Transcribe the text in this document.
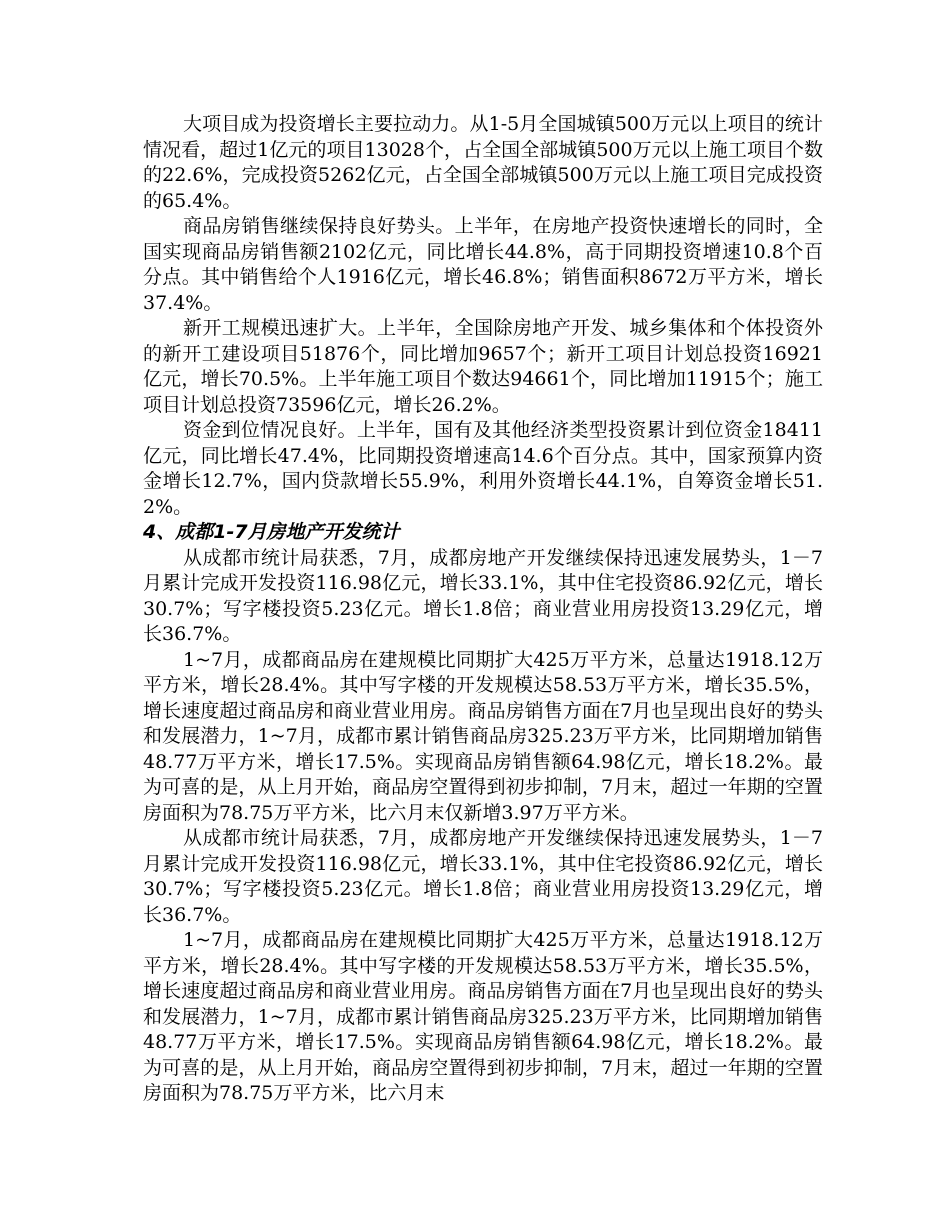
大项目成为投资增长主要拉动力。从1-5月全国城镇500万元以上项目的统计情况看，超过1亿元的项目13028个，占全国全部城镇500万元以上施工项目个数的22.6%，完成投资5262亿元，占全国全部城镇500万元以上施工项目完成投资的65.4%。

商品房销售继续保持良好势头。上半年，在房地产投资快速增长的同时，全国实现商品房销售额2102亿元，同比增长44.8%，高于同期投资增速10.8个百分点。其中销售给个人1916亿元，增长46.8%；销售面积8672万平方米，增长37.4%。

新开工规模迅速扩大。上半年，全国除房地产开发、城乡集体和个体投资外的新开工建设项目51876个，同比增加9657个；新开工项目计划总投资16921亿元，增长70.5%。上半年施工项目个数达94661个，同比增加11915个；施工项目计划总投资73596亿元，增长26.2%。

资金到位情况良好。上半年，国有及其他经济类型投资累计到位资金18411亿元，同比增长47.4%，比同期投资增速高14.6个百分点。其中，国家预算内资金增长12.7%，国内贷款增长55.9%，利用外资增长44.1%，自筹资金增长51.2%。

4、成都1-7月房地产开发统计

从成都市统计局获悉，7月，成都房地产开发继续保持迅速发展势头，1－7月累计完成开发投资116.98亿元，增长33.1%，其中住宅投资86.92亿元，增长30.7%；写字楼投资5.23亿元。增长1.8倍；商业营业用房投资13.29亿元，增长36.7%。

1~7月，成都商品房在建规模比同期扩大425万平方米，总量达1918.12万平方米，增长28.4%。其中写字楼的开发规模达58.53万平方米，增长35.5%，增长速度超过商品房和商业营业用房。商品房销售方面在7月也呈现出良好的势头和发展潜力，1~7月，成都市累计销售商品房325.23万平方米，比同期增加销售48.77万平方米，增长17.5%。实现商品房销售额64.98亿元，增长18.2%。最为可喜的是，从上月开始，商品房空置得到初步抑制，7月末，超过一年期的空置房面积为78.75万平方米，比六月末仅新增3.97万平方米。

从成都市统计局获悉，7月，成都房地产开发继续保持迅速发展势头，1－7月累计完成开发投资116.98亿元，增长33.1%，其中住宅投资86.92亿元，增长30.7%；写字楼投资5.23亿元。增长1.8倍；商业营业用房投资13.29亿元，增长36.7%。

1~7月，成都商品房在建规模比同期扩大425万平方米，总量达1918.12万平方米，增长28.4%。其中写字楼的开发规模达58.53万平方米，增长35.5%，增长速度超过商品房和商业营业用房。商品房销售方面在7月也呈现出良好的势头和发展潜力，1~7月，成都市累计销售商品房325.23万平方米，比同期增加销售48.77万平方米，增长17.5%。实现商品房销售额64.98亿元，增长18.2%。最为可喜的是，从上月开始，商品房空置得到初步抑制，7月末，超过一年期的空置房面积为78.75万平方米，比六月末
